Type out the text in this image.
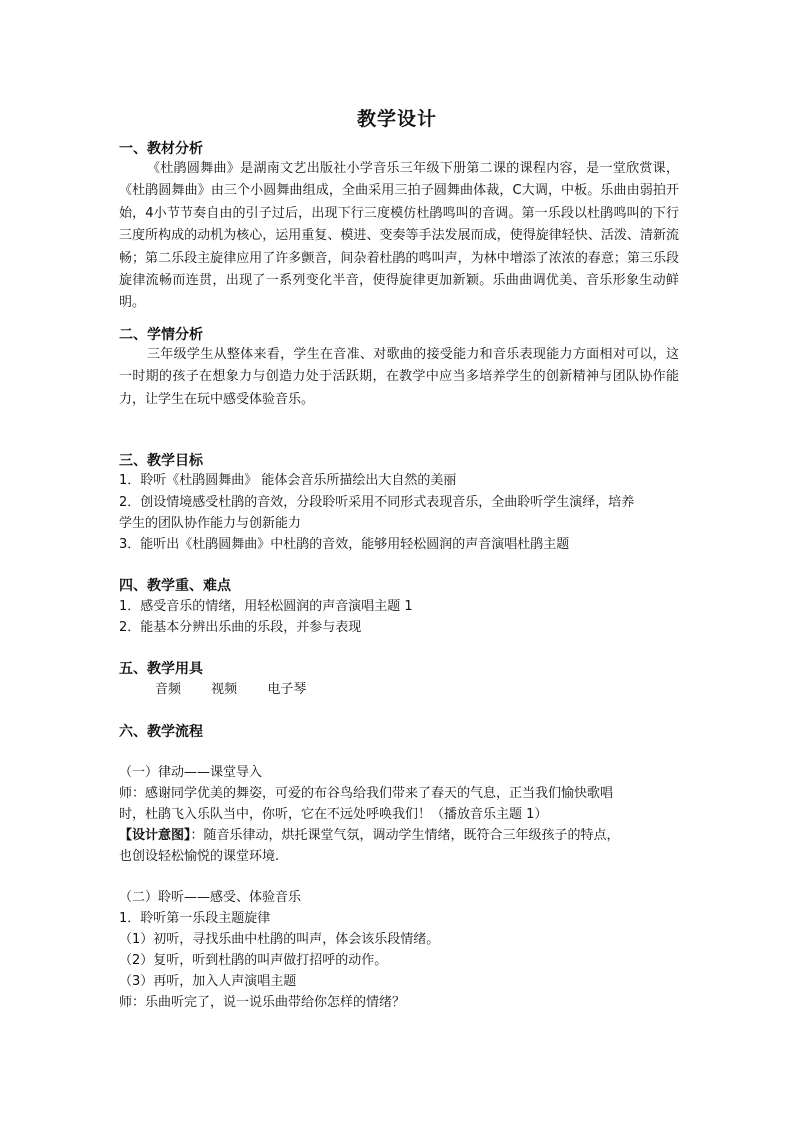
教学设计
一、教材分析
《杜鹃圆舞曲》是湖南文艺出版社小学音乐三年级下册第二课的课程内容，是一堂欣赏课，《杜鹃圆舞曲》由三个小圆舞曲组成，全曲采用三拍子圆舞曲体裁，C大调，中板。乐曲由弱拍开始，4小节节奏自由的引子过后，出现下行三度模仿杜鹃鸣叫的音调。第一乐段以杜鹃鸣叫的下行三度所构成的动机为核心，运用重复、模进、变奏等手法发展而成，使得旋律轻快、活泼、清新流畅；第二乐段主旋律应用了许多颤音，间杂着杜鹃的鸣叫声，为林中增添了浓浓的春意；第三乐段旋律流畅而连贯，出现了一系列变化半音，使得旋律更加新颖。乐曲曲调优美、音乐形象生动鲜明。
二、学情分析
三年级学生从整体来看，学生在音准、对歌曲的接受能力和音乐表现能力方面相对可以，这一时期的孩子在想象力与创造力处于活跃期，在教学中应当多培养学生的创新精神与团队协作能力，让学生在玩中感受体验音乐。
三、教学目标
1．聆听《杜鹃圆舞曲》 能体会音乐所描绘出大自然的美丽
2．创设情境感受杜鹃的音效，分段聆听采用不同形式表现音乐，全曲聆听学生演绎，培养
学生的团队协作能力与创新能力
3．能听出《杜鹃圆舞曲》中杜鹃的音效，能够用轻松圆润的声音演唱杜鹃主题
四、教学重、难点
1．感受音乐的情绪，用轻松圆润的声音演唱主题 1
2．能基本分辨出乐曲的乐段，并参与表现
五、教学用具
音频 视频 电子琴
六、教学流程
（一）律动——课堂导入
师：感谢同学优美的舞姿，可爱的布谷鸟给我们带来了春天的气息，正当我们愉快歌唱
时，杜鹃飞入乐队当中，你听，它在不远处呼唤我们！（播放音乐主题 1）
【设计意图】：随音乐律动，烘托课堂气氛，调动学生情绪，既符合三年级孩子的特点，
也创设轻松愉悦的课堂环境.
（二）聆听——感受、体验音乐
1．聆听第一乐段主题旋律
（1）初听，寻找乐曲中杜鹃的叫声，体会该乐段情绪。
（2）复听，听到杜鹃的叫声做打招呼的动作。
（3）再听，加入人声演唱主题
师：乐曲听完了，说一说乐曲带给你怎样的情绪？
